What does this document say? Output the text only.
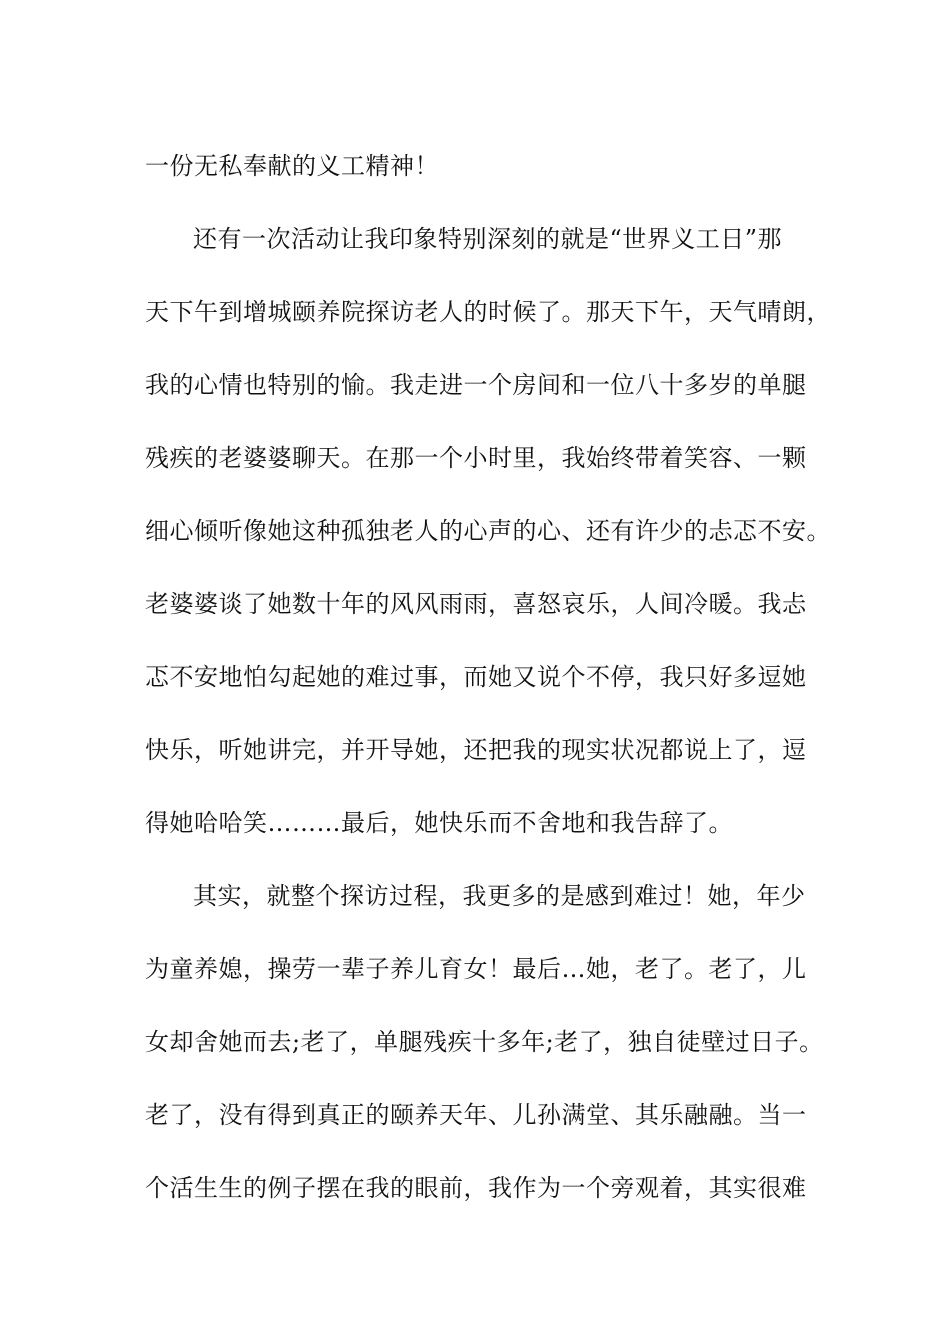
一份无私奉献的义工精神！
还有一次活动让我印象特别深刻的就是“世界义工日”那
天下午到增城颐养院探访老人的时候了。那天下午，天气晴朗，
我的心情也特别的愉。我走进一个房间和一位八十多岁的单腿
残疾的老婆婆聊天。在那一个小时里，我始终带着笑容、一颗
细心倾听像她这种孤独老人的心声的心、还有许少的忐忑不安。
老婆婆谈了她数十年的风风雨雨，喜怒哀乐，人间冷暖。我忐
忑不安地怕勾起她的难过事，而她又说个不停，我只好多逗她
快乐，听她讲完，并开导她，还把我的现实状况都说上了，逗
得她哈哈笑………最后，她快乐而不舍地和我告辞了。
其实，就整个探访过程，我更多的是感到难过！她，年少
为童养媳，操劳一辈子养儿育女！最后…她，老了。老了，儿
女却舍她而去;老了，单腿残疾十多年;老了，独自徒壁过日子。
老了，没有得到真正的颐养天年、儿孙满堂、其乐融融。当一
个活生生的例子摆在我的眼前，我作为一个旁观着，其实很难
